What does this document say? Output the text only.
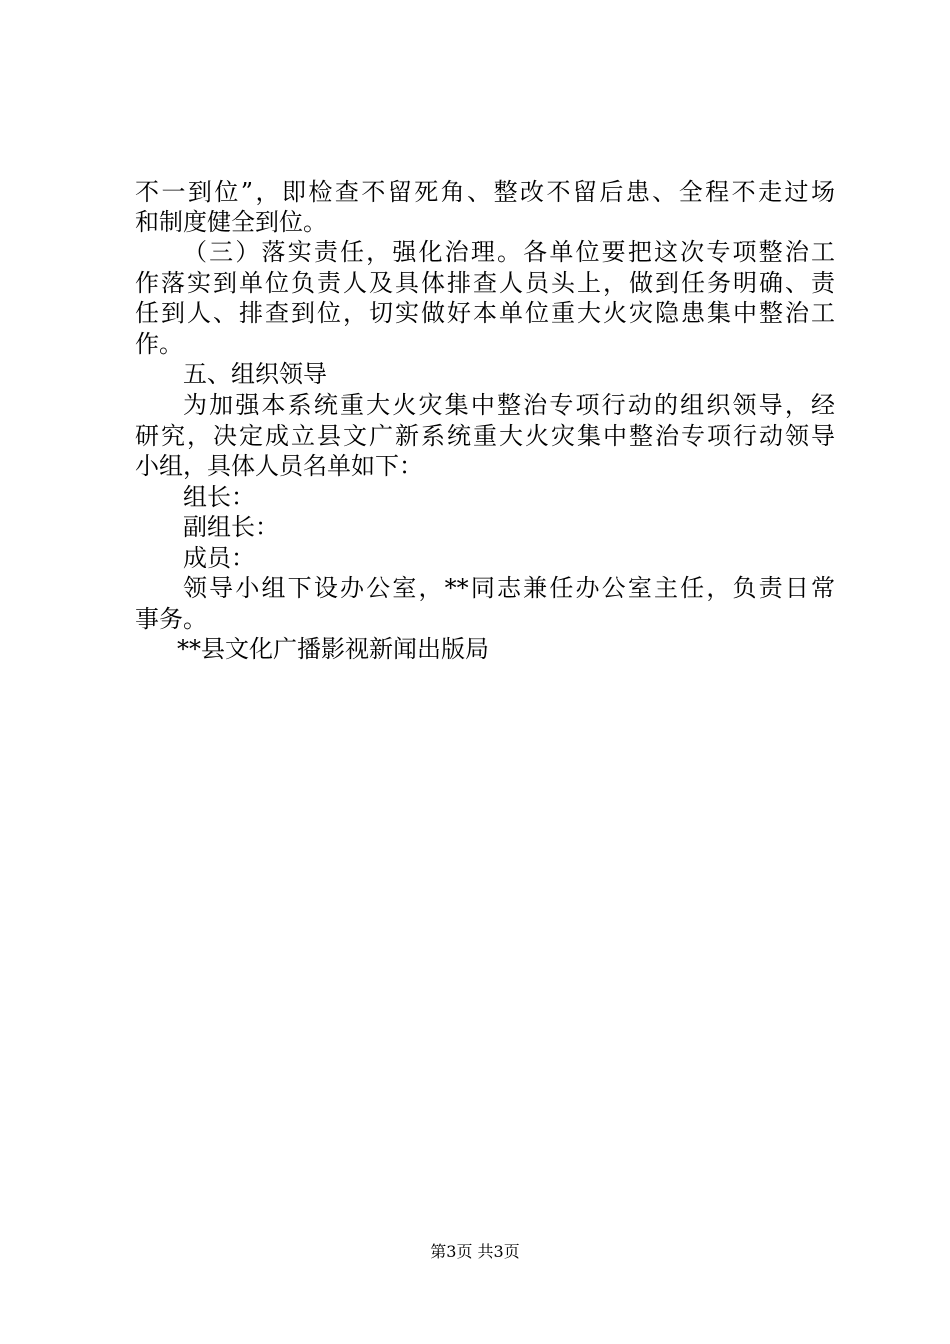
不一到位”，即检查不留死角、整改不留后患、全程不走过场
和制度健全到位。
（三）落实责任，强化治理。各单位要把这次专项整治工
作落实到单位负责人及具体排查人员头上，做到任务明确、责
任到人、排查到位，切实做好本单位重大火灾隐患集中整治工
作。
五、组织领导
为加强本系统重大火灾集中整治专项行动的组织领导，经
研究，决定成立县文广新系统重大火灾集中整治专项行动领导
小组，具体人员名单如下：
组长：
副组长：
成员：
领导小组下设办公室，**同志兼任办公室主任，负责日常
事务。
**县文化广播影视新闻出版局
第3页 共3页
